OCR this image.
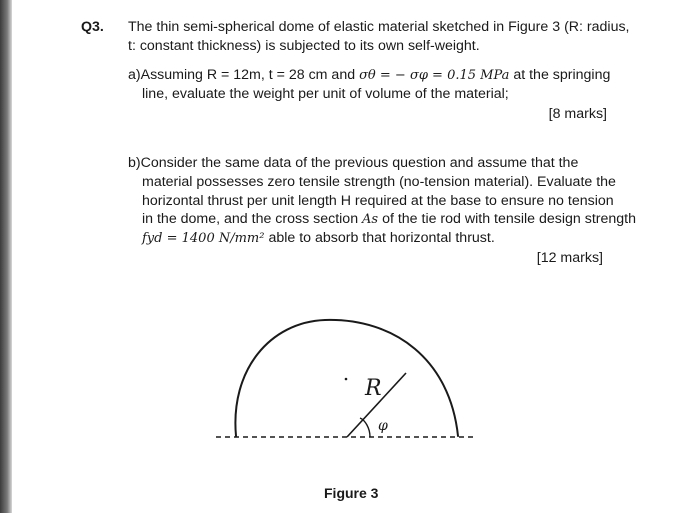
Q3. The thin semi-spherical dome of elastic material sketched in Figure 3 (R: radius,
t: constant thickness) is subjected to its own self-weight.
a)Assuming R = 12m, t = 28 cm and σθ = − σφ = 0.15 MPa at the springing
line, evaluate the weight per unit of volume of the material;
[8 marks]
b)Consider the same data of the previous question and assume that the
material possesses zero tensile strength (no-tension material). Evaluate the
horizontal thrust per unit length H required at the base to ensure no tension
in the dome, and the cross section As of the tie rod with tensile design strength
fyd = 1400 N/mm² able to absorb that horizontal thrust.
[12 marks]
R
φ
Figure 3
